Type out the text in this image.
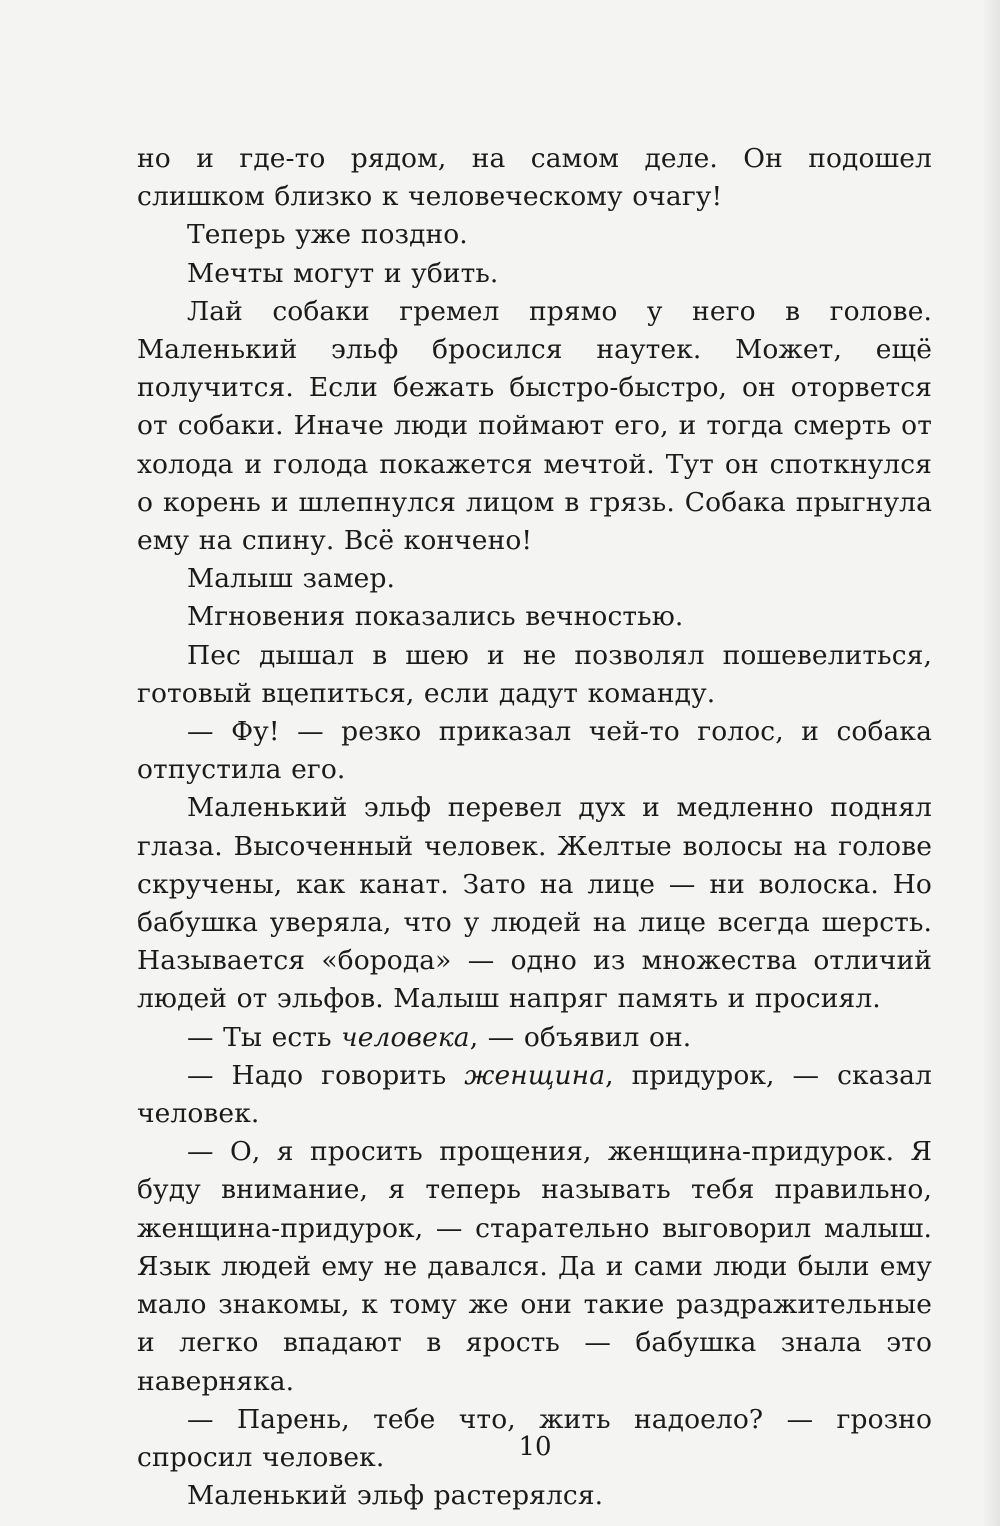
но и где-то рядом, на самом деле. Он подошел слишком близко к человеческому очагу!

Теперь уже поздно.

Мечты могут и убить.

Лай собаки гремел прямо у него в голове. Маленький эльф бросился наутек. Может, ещё получится. Если бежать быстро-быстро, он оторвется от собаки. Иначе люди поймают его, и тогда смерть от холода и голода покажется мечтой. Тут он споткнулся о корень и шлепнулся лицом в грязь. Собака прыгнула ему на спину. Всё кончено!

Малыш замер.

Мгновения показались вечностью.

Пес дышал в шею и не позволял пошевелиться, готовый вцепиться, если дадут команду.

— Фу! — резко приказал чей-то голос, и собака отпустила его.

Маленький эльф перевел дух и медленно поднял глаза. Высоченный человек. Желтые волосы на голове скручены, как канат. Зато на лице — ни волоска. Но бабушка уверяла, что у людей на лице всегда шерсть. Называется «борода» — одно из множества отличий людей от эльфов. Малыш напряг память и просиял.

— Ты есть человека, — объявил он.

— Надо говорить женщина, придурок, — сказал человек.

— О, я просить прощения, женщина-придурок. Я буду внимание, я теперь называть тебя правильно, женщина-придурок, — старательно выговорил малыш. Язык людей ему не давался. Да и сами люди были ему мало знакомы, к тому же они такие раздражительные и легко впадают в ярость — бабушка знала это наверняка.

— Парень, тебе что, жить надоело? — грозно спросил человек.

Маленький эльф растерялся.

10
